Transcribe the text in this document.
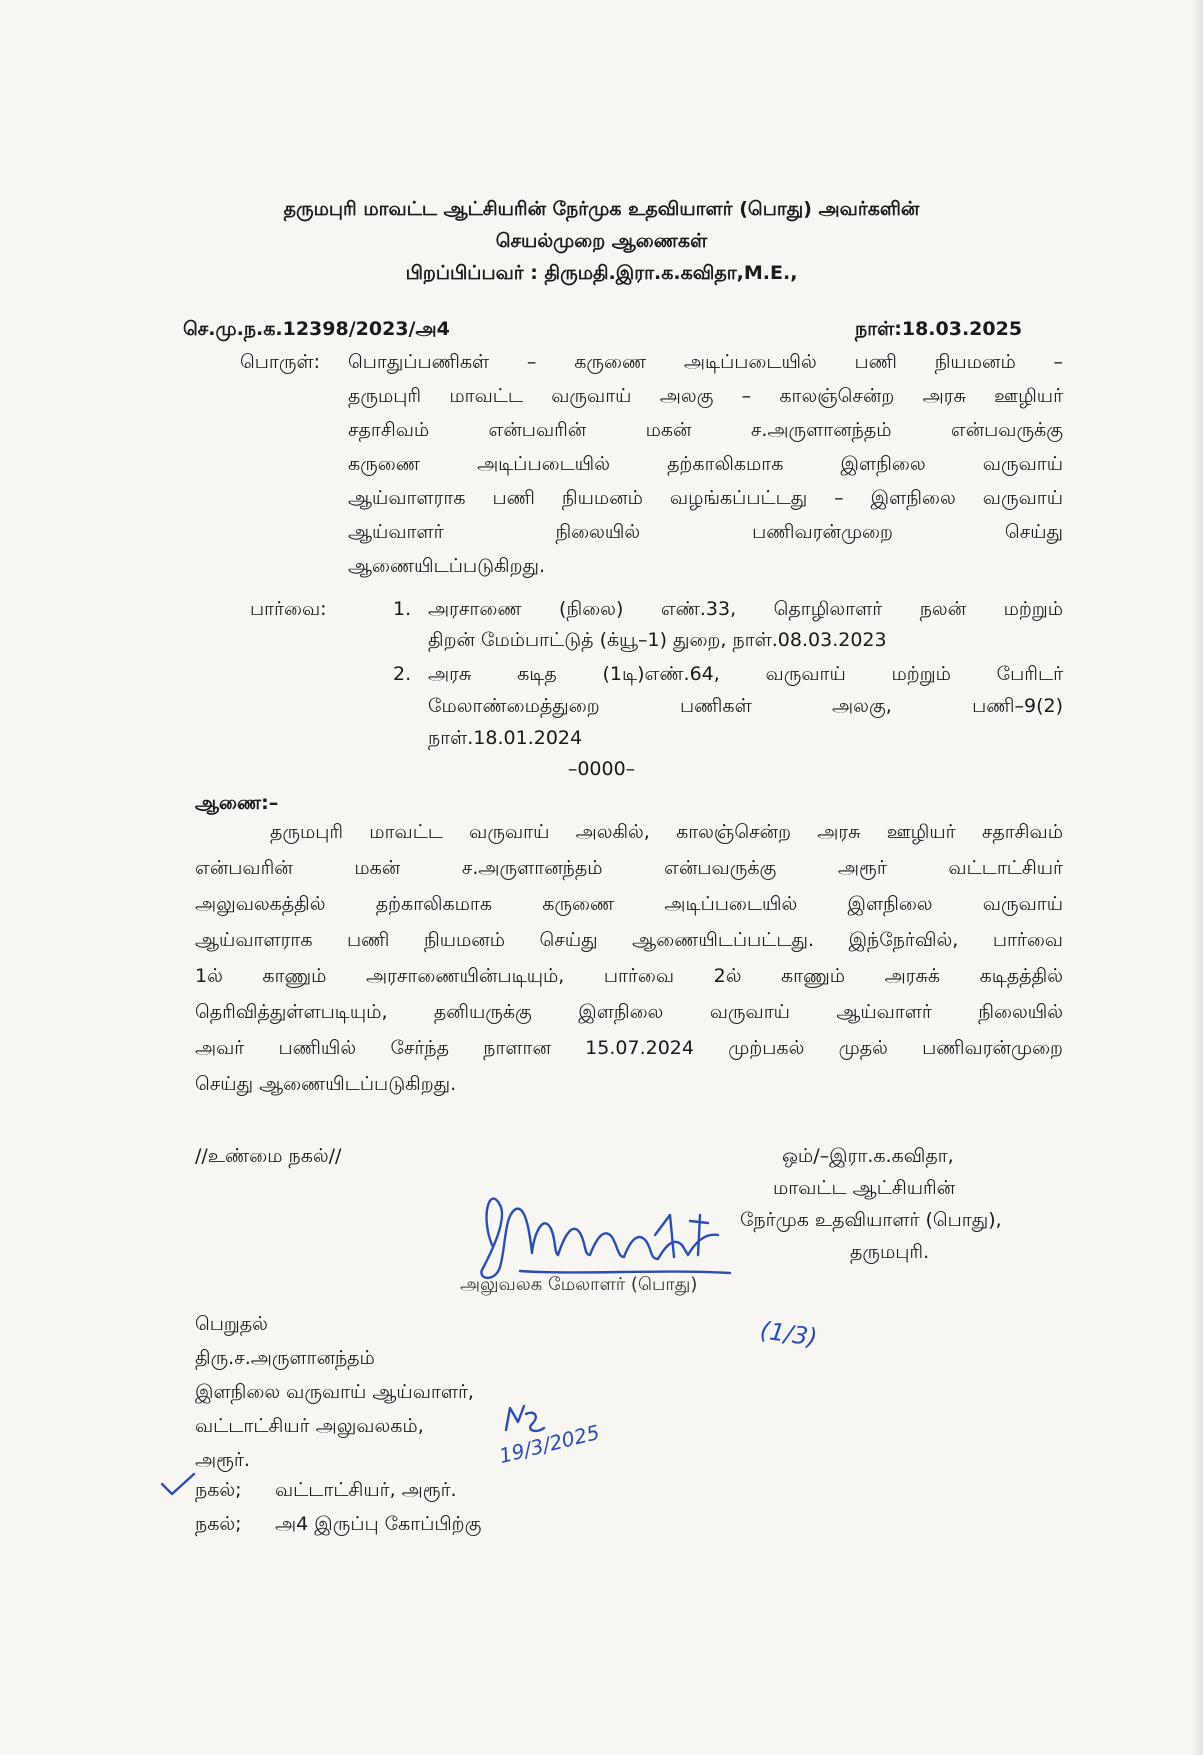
தருமபுரி மாவட்ட ஆட்சியரின் நேர்முக உதவியாளர் (பொது) அவர்களின்
செயல்முறை ஆணைகள்
பிறப்பிப்பவர் : திருமதி.இரா.க.கவிதா,M.E.,
செ.மு.ந.க.12398/2023/அ4	நாள்:18.03.2025
பொருள்: பொதுப்பணிகள் – கருணை அடிப்படையில் பணி நியமனம் –
தருமபுரி மாவட்ட வருவாய் அலகு – காலஞ்சென்ற அரசு ஊழியர்
சதாசிவம் என்பவரின் மகன் ச.அருளானந்தம் என்பவருக்கு
கருணை அடிப்படையில் தற்காலிகமாக இளநிலை வருவாய்
ஆய்வாளராக பணி நியமனம் வழங்கப்பட்டது – இளநிலை வருவாய்
ஆய்வாளர் நிலையில் பணிவரன்முறை செய்து
ஆணையிடப்படுகிறது.
பார்வை:	1. அரசாணை (நிலை) எண்.33, தொழிலாளர் நலன் மற்றும்
திறன் மேம்பாட்டுத் (க்யூ–1) துறை, நாள்.08.03.2023
2. அரசு கடித (1டி)எண்.64, வருவாய் மற்றும் பேரிடர்
மேலாண்மைத்துறை பணிகள் அலகு, பணி–9(2)
நாள்.18.01.2024
–0000–
ஆணை:–
தருமபுரி மாவட்ட வருவாய் அலகில், காலஞ்சென்ற அரசு ஊழியர் சதாசிவம்
என்பவரின் மகன் ச.அருளானந்தம் என்பவருக்கு அரூர் வட்டாட்சியர்
அலுவலகத்தில் தற்காலிகமாக கருணை அடிப்படையில் இளநிலை வருவாய்
ஆய்வாளராக பணி நியமனம் செய்து ஆணையிடப்பட்டது. இந்நேர்வில், பார்வை
1ல் காணும் அரசாணையின்படியும், பார்வை 2ல் காணும் அரசுக் கடிதத்தில்
தெரிவித்துள்ளபடியும், தனியருக்கு இளநிலை வருவாய் ஆய்வாளர் நிலையில்
அவர் பணியில் சேர்ந்த நாளான 15.07.2024 முற்பகல் முதல் பணிவரன்முறை
செய்து ஆணையிடப்படுகிறது.
//உண்மை நகல்//	ஒம்/–இரா.க.கவிதா,
மாவட்ட ஆட்சியரின்
நேர்முக உதவியாளர் (பொது),
தருமபுரி.
அலுவலக மேலாளர் (பொது)
(1/3)
பெறுதல்
திரு.ச.அருளானந்தம்
இளநிலை வருவாய் ஆய்வாளர்,
வட்டாட்சியர் அலுவலகம்,
அரூர்.	19/3/2025
நகல்; வட்டாட்சியர், அரூர்.
நகல்; அ4 இருப்பு கோப்பிற்கு
